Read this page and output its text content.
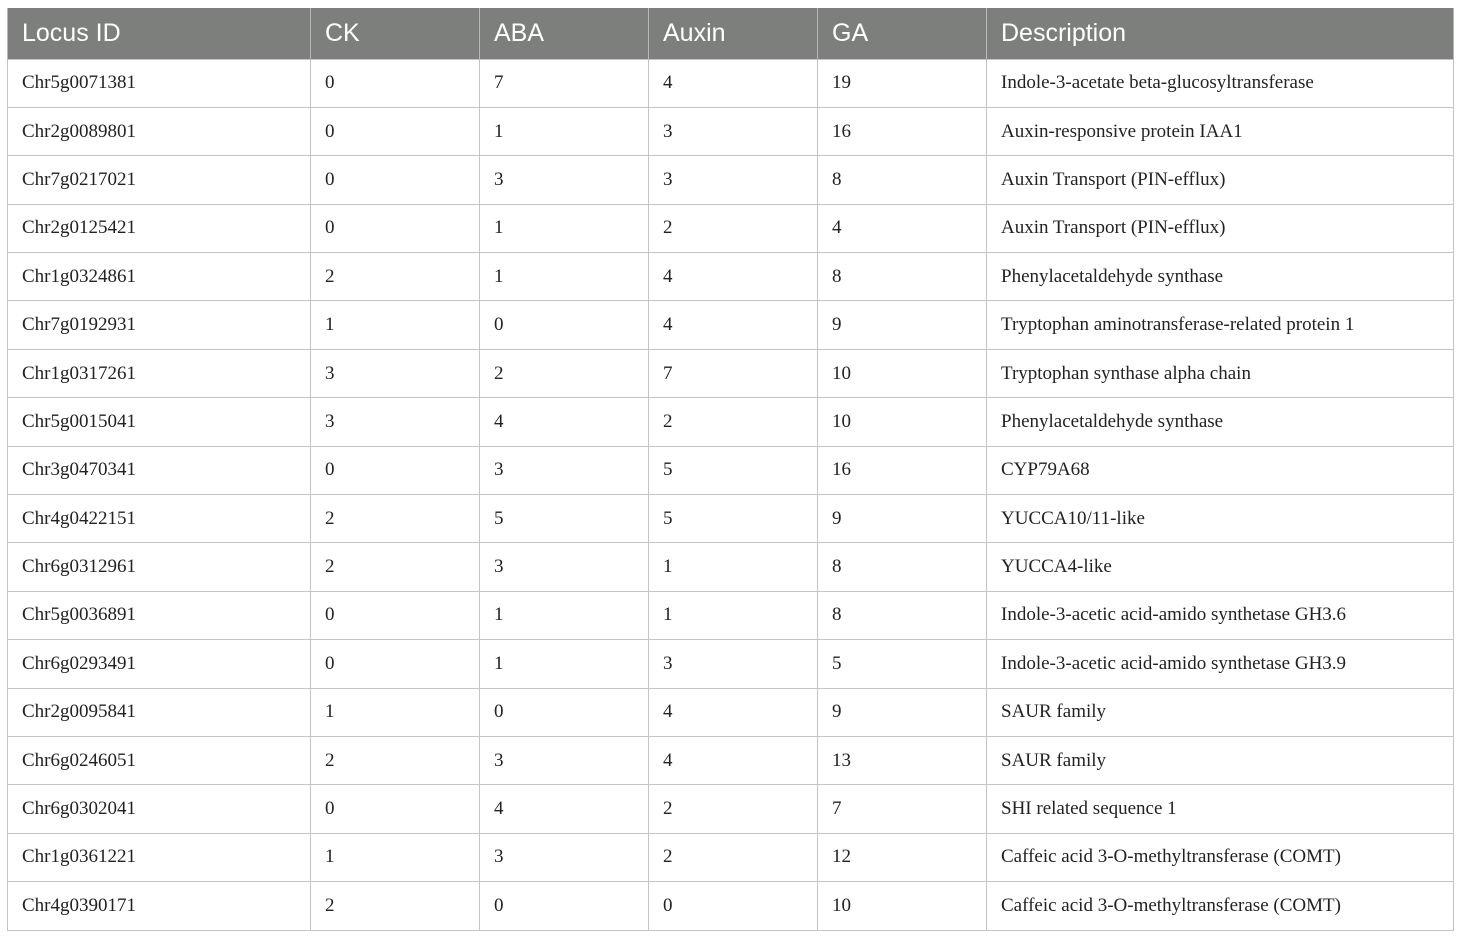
Locus ID	CK	ABA	Auxin	GA	Description
Chr5g0071381	0	7	4	19	Indole-3-acetate beta-glucosyltransferase
Chr2g0089801	0	1	3	16	Auxin-responsive protein IAA1
Chr7g0217021	0	3	3	8	Auxin Transport (PIN-efflux)
Chr2g0125421	0	1	2	4	Auxin Transport (PIN-efflux)
Chr1g0324861	2	1	4	8	Phenylacetaldehyde synthase
Chr7g0192931	1	0	4	9	Tryptophan aminotransferase-related protein 1
Chr1g0317261	3	2	7	10	Tryptophan synthase alpha chain
Chr5g0015041	3	4	2	10	Phenylacetaldehyde synthase
Chr3g0470341	0	3	5	16	CYP79A68
Chr4g0422151	2	5	5	9	YUCCA10/11-like
Chr6g0312961	2	3	1	8	YUCCA4-like
Chr5g0036891	0	1	1	8	Indole-3-acetic acid-amido synthetase GH3.6
Chr6g0293491	0	1	3	5	Indole-3-acetic acid-amido synthetase GH3.9
Chr2g0095841	1	0	4	9	SAUR family
Chr6g0246051	2	3	4	13	SAUR family
Chr6g0302041	0	4	2	7	SHI related sequence 1
Chr1g0361221	1	3	2	12	Caffeic acid 3-O-methyltransferase (COMT)
Chr4g0390171	2	0	0	10	Caffeic acid 3-O-methyltransferase (COMT)
